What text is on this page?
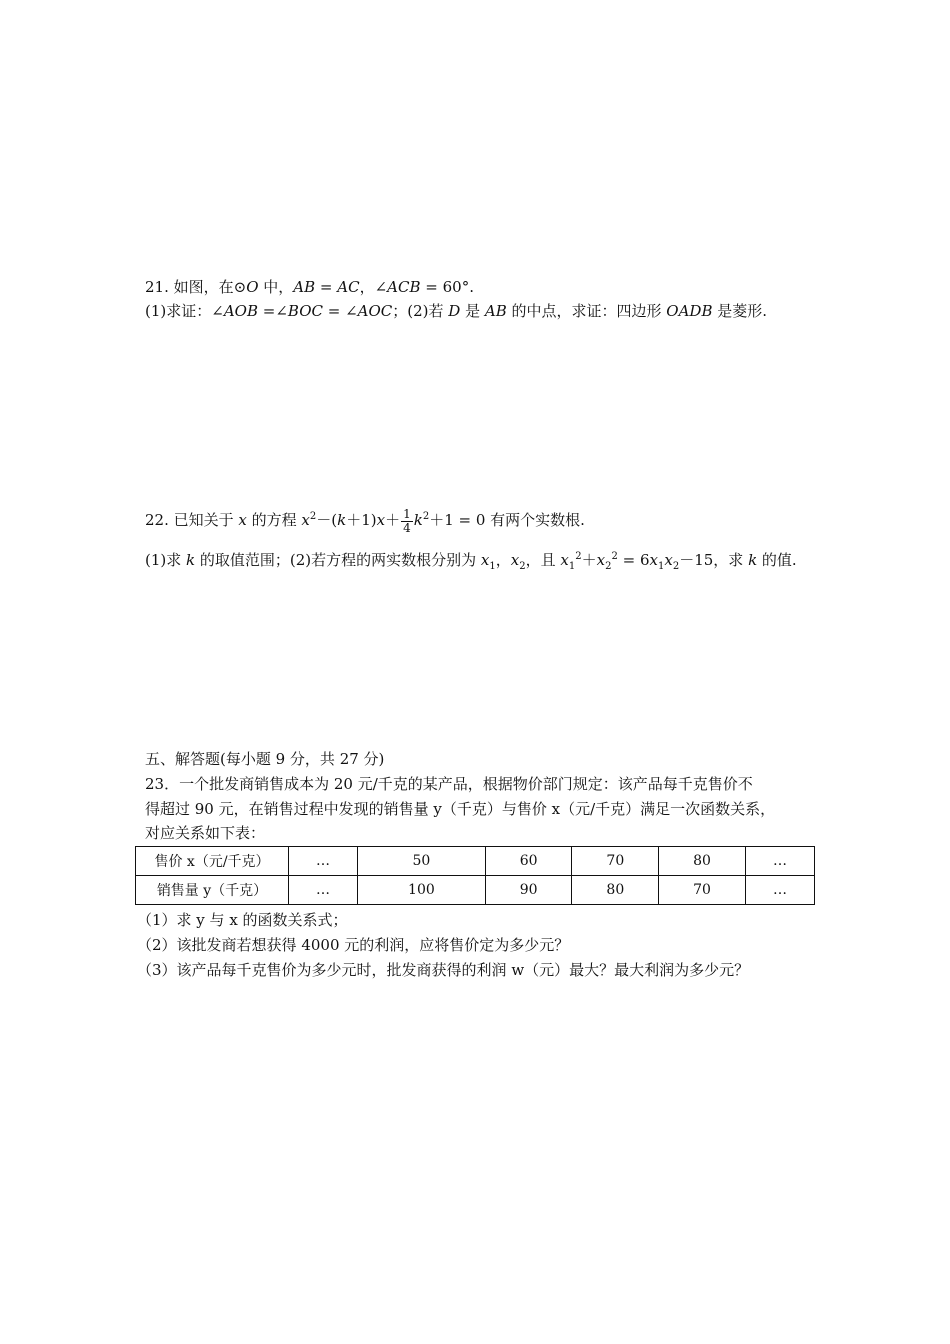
21. 如图，在⊙O 中，AB = AC，∠ACB = 60°.
(1)求证：∠AOB =∠BOC = ∠AOC；(2)若 D 是 AB 的中点，求证：四边形 OADB 是菱形.
22. 已知关于 x 的方程 $x^2-(k+1)x+ \frac{1}{4} k^2+1 = 0$ 有两个实数根.
(1)求 k 的取值范围；(2)若方程的两实数根分别为 $x_1$，$x_2$，且 $x_1^2+x_2^2 = 6x_1x_2-15$，求 k 的值.
五、解答题(每小题 9 分，共 27 分)
23．一个批发商销售成本为 20 元/千克的某产品，根据物价部门规定：该产品每千克售价不
得超过 90 元，在销售过程中发现的销售量 y（千克）与售价 x（元/千克）满足一次函数关系，
对应关系如下表：
售价 x（元/千克）	…	50	60	70	80	…
销售量 y（千克）	…	100	90	80	70	…
（1）求 y 与 x 的函数关系式；
（2）该批发商若想获得 4000 元的利润，应将售价定为多少元？
（3）该产品每千克售价为多少元时，批发商获得的利润 w（元）最大？最大利润为多少元？
